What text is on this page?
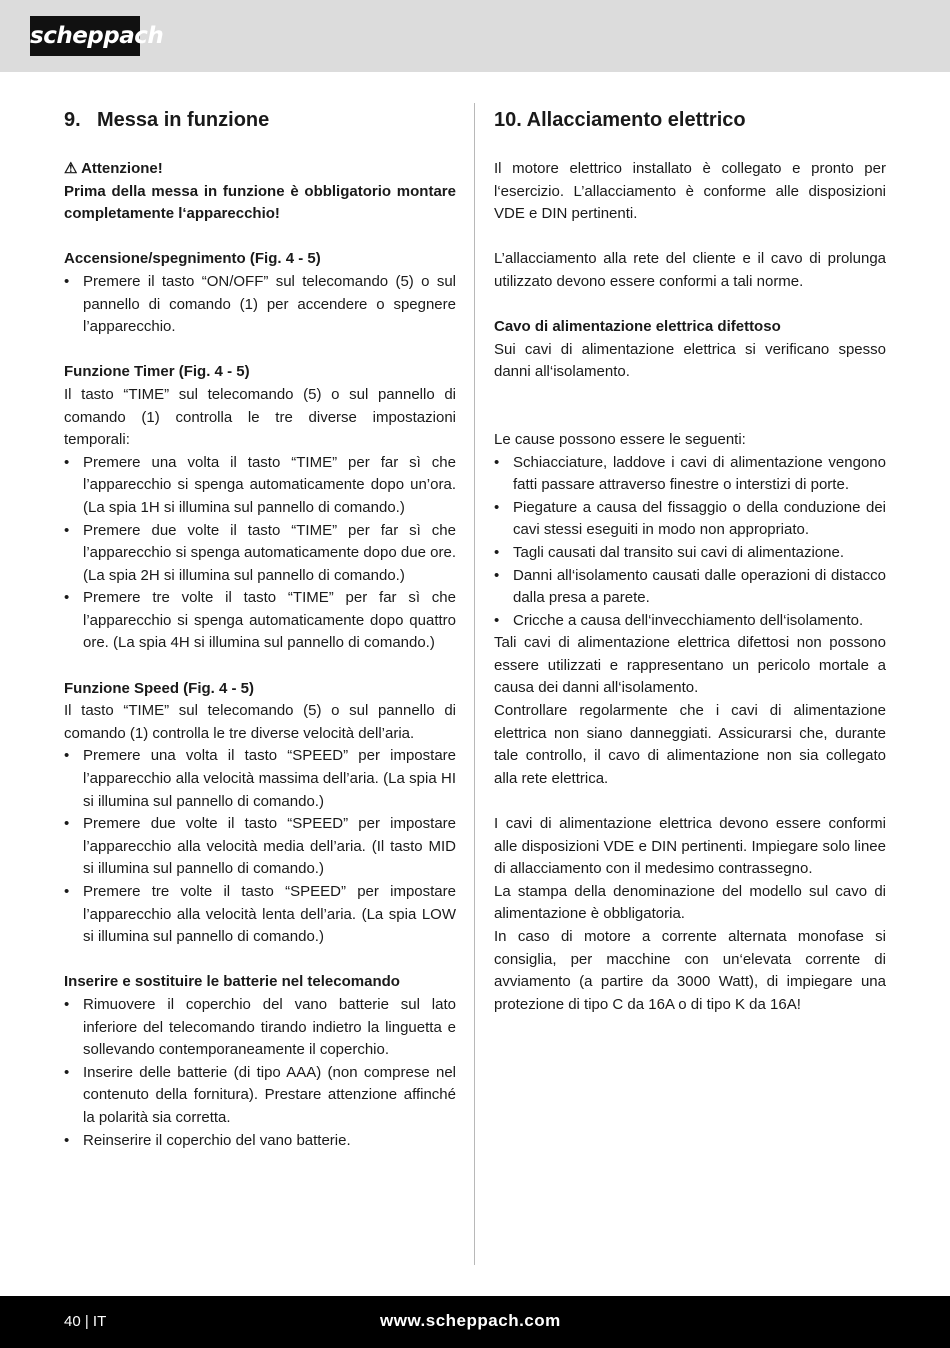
scheppach
9. Messa in funzione

⚠ Attenzione!

Prima della messa in funzione è obbligatorio montare completamente l‘apparecchio!

Accensione/spegnimento (Fig. 4 - 5)

• Premere il tasto “ON/OFF” sul telecomando (5) o sul pannello di comando (1) per accendere o spegnere l’apparecchio.

Funzione Timer (Fig. 4 - 5)

Il tasto “TIME” sul telecomando (5) o sul pannello di comando (1) controlla le tre diverse impostazioni temporali:

• Premere una volta il tasto “TIME” per far sì che l’apparecchio si spenga automaticamente dopo un’ora. (La spia 1H si illumina sul pannello di comando.)
• Premere due volte il tasto “TIME” per far sì che l’apparecchio si spenga automaticamente dopo due ore. (La spia 2H si illumina sul pannello di comando.)
• Premere tre volte il tasto “TIME” per far sì che l’apparecchio si spenga automaticamente dopo quattro ore. (La spia 4H si illumina sul pannello di comando.)

Funzione Speed (Fig. 4 - 5)

Il tasto “TIME” sul telecomando (5) o sul pannello di comando (1) controlla le tre diverse velocità dell’aria.

• Premere una volta il tasto “SPEED” per impostare l’apparecchio alla velocità massima dell’aria. (La spia HI si illumina sul pannello di comando.)
• Premere due volte il tasto “SPEED” per impostare l’apparecchio alla velocità media dell’aria. (Il tasto MID si illumina sul pannello di comando.)
• Premere tre volte il tasto “SPEED” per impostare l’apparecchio alla velocità lenta dell’aria. (La spia LOW si illumina sul pannello di comando.)

Inserire e sostituire le batterie nel telecomando

• Rimuovere il coperchio del vano batterie sul lato inferiore del telecomando tirando indietro la linguetta e sollevando contemporaneamente il coperchio.
• Inserire delle batterie (di tipo AAA) (non comprese nel contenuto della fornitura). Prestare attenzione affinché la polarità sia corretta.
• Reinserire il coperchio del vano batterie.
10. Allacciamento elettrico

Il motore elettrico installato è collegato e pronto per l‘esercizio. L’allacciamento è conforme alle disposizioni VDE e DIN pertinenti.

L’allacciamento alla rete del cliente e il cavo di prolunga utilizzato devono essere conformi a tali norme.

Cavo di alimentazione elettrica difettoso

Sui cavi di alimentazione elettrica si verificano spesso danni all‘isolamento.

Le cause possono essere le seguenti:

• Schiacciature, laddove i cavi di alimentazione vengono fatti passare attraverso finestre o interstizi di porte.
• Piegature a causa del fissaggio o della conduzione dei cavi stessi eseguiti in modo non appropriato.
• Tagli causati dal transito sui cavi di alimentazione.
• Danni all‘isolamento causati dalle operazioni di distacco dalla presa a parete.
• Cricche a causa dell‘invecchiamento dell‘isolamento.

Tali cavi di alimentazione elettrica difettosi non possono essere utilizzati e rappresentano un pericolo mortale a causa dei danni all‘isolamento.

Controllare regolarmente che i cavi di alimentazione elettrica non siano danneggiati. Assicurarsi che, durante tale controllo, il cavo di alimentazione non sia collegato alla rete elettrica.

I cavi di alimentazione elettrica devono essere conformi alle disposizioni VDE e DIN pertinenti. Impiegare solo linee di allacciamento con il medesimo contrassegno.

La stampa della denominazione del modello sul cavo di alimentazione è obbligatoria.

In caso di motore a corrente alternata monofase si consiglia, per macchine con un‘elevata corrente di avviamento (a partire da 3000 Watt), di impiegare una protezione di tipo C da 16A o di tipo K da 16A!

40 | IT	www.scheppach.com
